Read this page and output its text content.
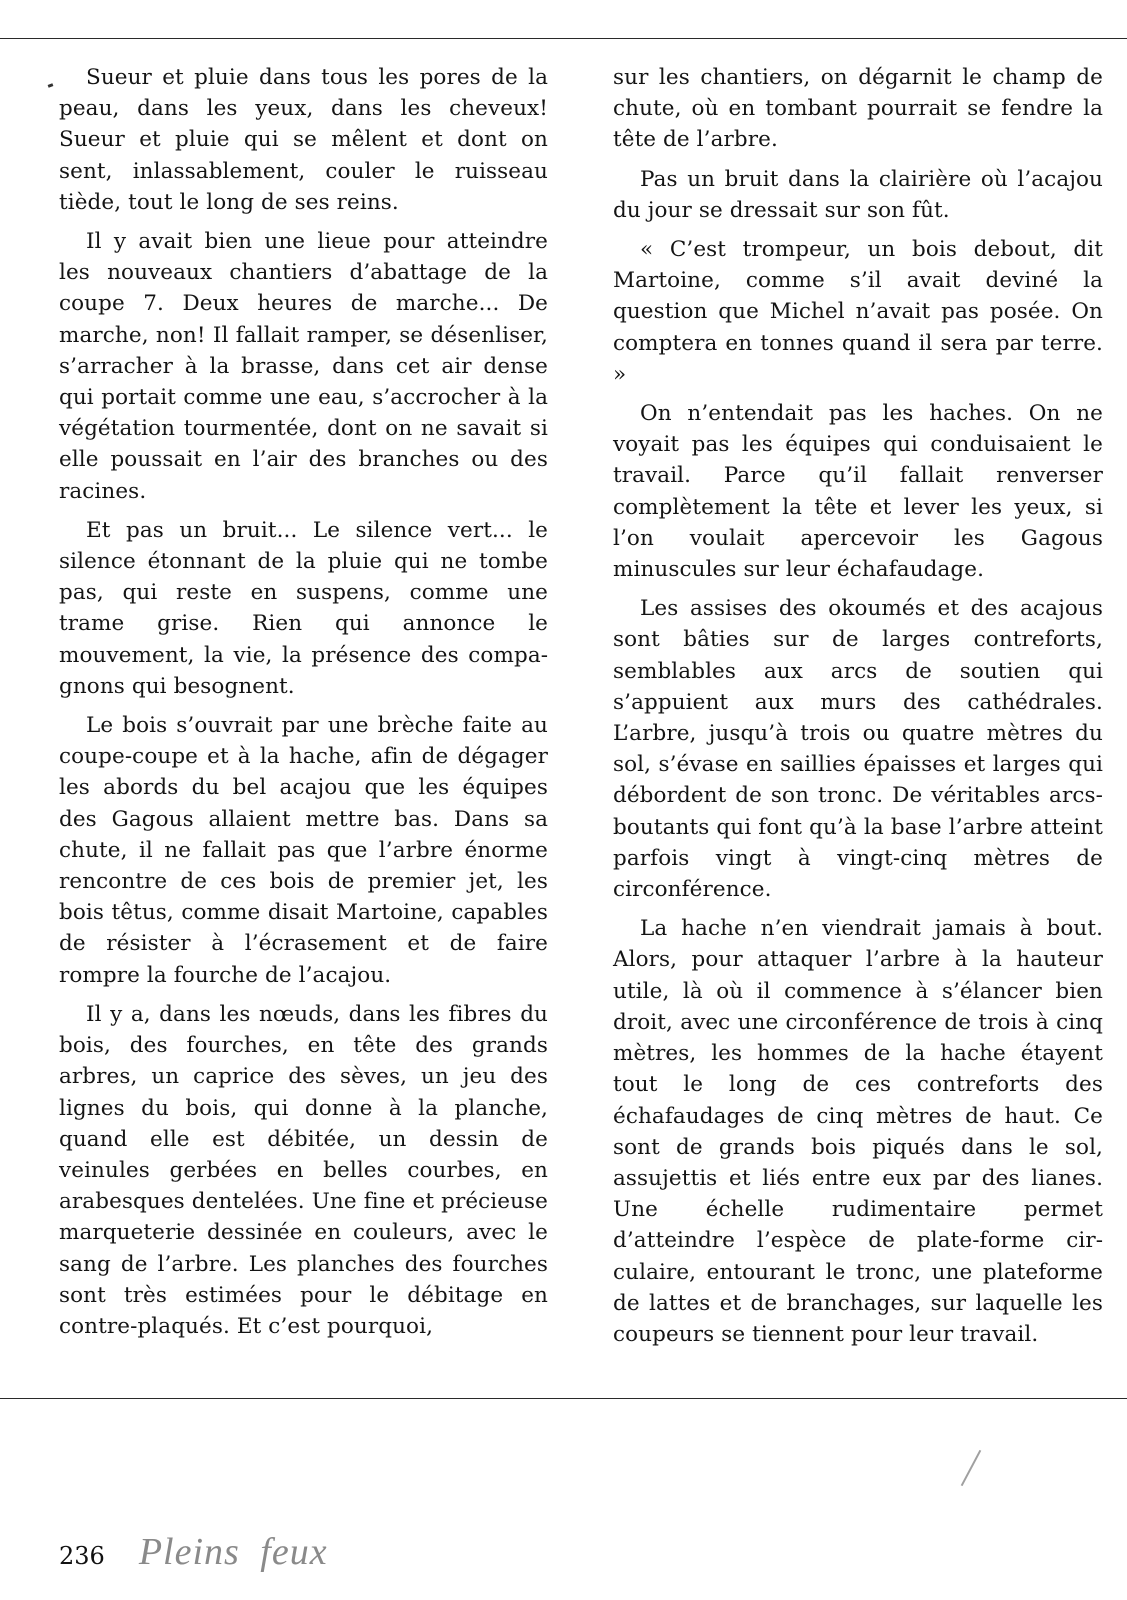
Sueur et pluie dans tous les pores de la peau, dans les yeux, dans les cheveux! Sueur et pluie qui se mêlent et dont on sent, inlassablement, couler le ruisseau tiède, tout le long de ses reins.

Il y avait bien une lieue pour atteindre les nouveaux chantiers d’abattage de la coupe 7. Deux heures de marche... De marche, non! Il fallait ramper, se désenliser, s’arracher à la brasse, dans cet air dense qui portait comme une eau, s’accrocher à la végétation tourmentée, dont on ne savait si elle poussait en l’air des branches ou des racines.

Et pas un bruit... Le silence vert... le silence étonnant de la pluie qui ne tombe pas, qui reste en suspens, comme une trame grise. Rien qui annonce le mouvement, la vie, la présence des compagnons qui besognent.

Le bois s’ouvrait par une brèche faite au coupe-coupe et à la hache, afin de dégager les abords du bel acajou que les équipes des Gagous allaient mettre bas. Dans sa chute, il ne fallait pas que l’arbre énorme rencontre de ces bois de premier jet, les bois têtus, comme disait Martoine, capables de résister à l’écrasement et de faire rompre la fourche de l’acajou.

Il y a, dans les nœuds, dans les fibres du bois, des fourches, en tête des grands arbres, un caprice des sèves, un jeu des lignes du bois, qui donne à la planche, quand elle est débitée, un dessin de veinules gerbées en belles courbes, en arabesques dentelées. Une fine et précieuse marqueterie dessinée en couleurs, avec le sang de l’arbre. Les planches des fourches sont très estimées pour le débitage en contre-plaqués. Et c’est pourquoi,

sur les chantiers, on dégarnit le champ de chute, où en tombant pourrait se fendre la tête de l’arbre.

Pas un bruit dans la clairière où l’acajou du jour se dressait sur son fût.

« C’est trompeur, un bois debout, dit Martoine, comme s’il avait deviné la question que Michel n’avait pas posée. On comptera en tonnes quand il sera par terre. »

On n’entendait pas les haches. On ne voyait pas les équipes qui conduisaient le travail. Parce qu’il fallait renverser complètement la tête et lever les yeux, si l’on voulait apercevoir les Gagous minuscules sur leur échafaudage.

Les assises des okoumés et des acajous sont bâties sur de larges contreforts, semblables aux arcs de soutien qui s’appuient aux murs des cathédrales. L’arbre, jusqu’à trois ou quatre mètres du sol, s’évase en saillies épaisses et larges qui débordent de son tronc. De véritables arcs-boutants qui font qu’à la base l’arbre atteint parfois vingt à vingt-cinq mètres de circonférence.

La hache n’en viendrait jamais à bout. Alors, pour attaquer l’arbre à la hauteur utile, là où il commence à s’élancer bien droit, avec une circonférence de trois à cinq mètres, les hommes de la hache étayent tout le long de ces contreforts des échafaudages de cinq mètres de haut. Ce sont de grands bois piqués dans le sol, assujettis et liés entre eux par des lianes. Une échelle rudimentaire permet d’atteindre l’espèce de plate-forme circulaire, entourant le tronc, une plateforme de lattes et de branchages, sur laquelle les coupeurs se tiennent pour leur travail.

236 Pleins feux
